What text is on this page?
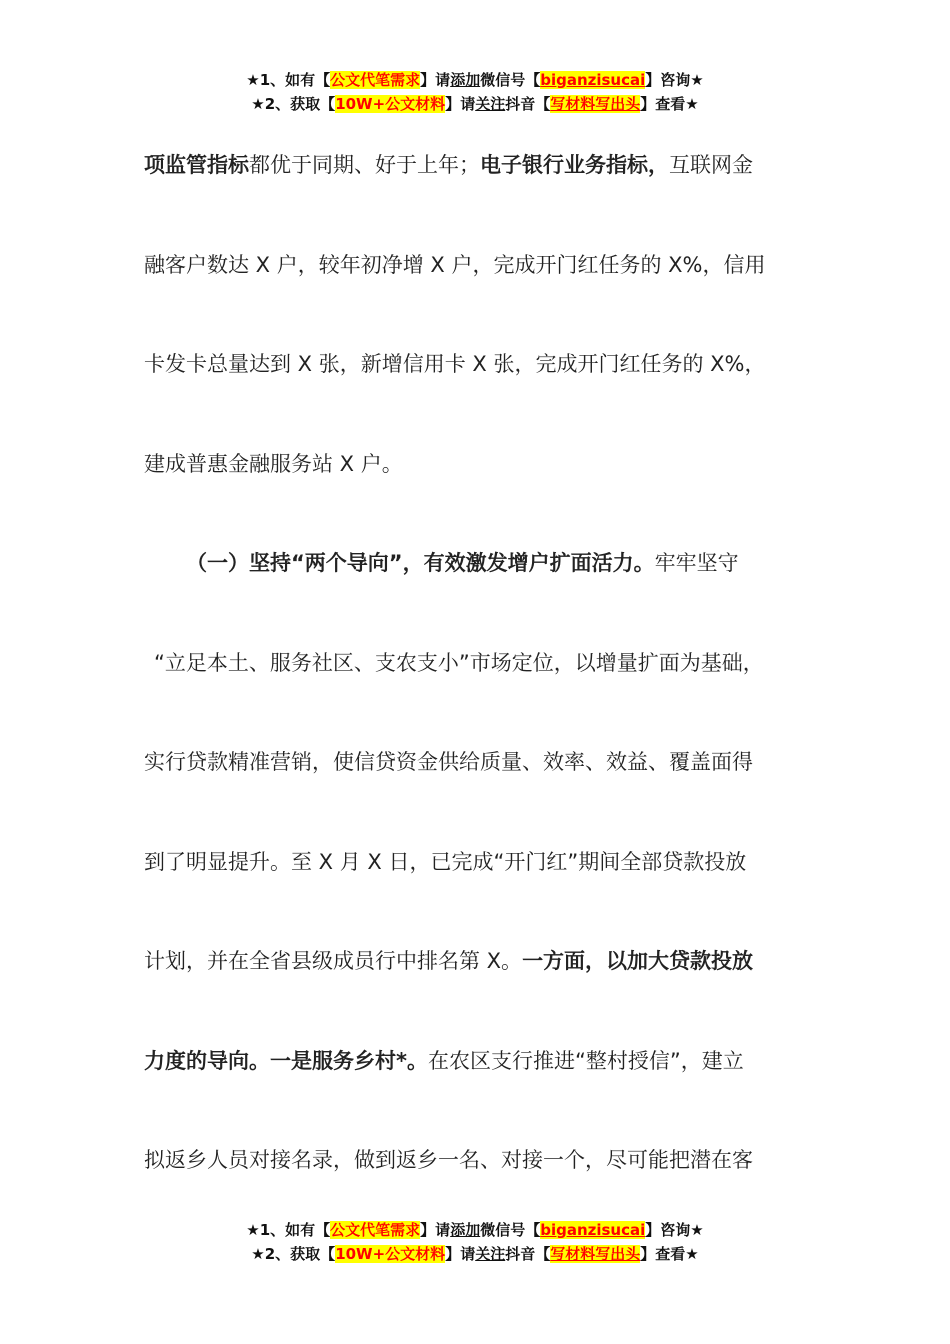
★1、如有【公文代笔需求】请添加微信号【biganzisucai】咨询★
★2、获取【10W+公文材料】请关注抖音【写材料写出头】查看★
项监管指标都优于同期、好于上年；电子银行业务指标，互联网金
融客户数达 X 户，较年初净增 X 户，完成开门红任务的 X%，信用
卡发卡总量达到 X 张，新增信用卡 X 张，完成开门红任务的 X%，
建成普惠金融服务站 X 户。
（一）坚持“两个导向”，有效激发增户扩面活力。牢牢坚守
“立足本土、服务社区、支农支小”市场定位，以增量扩面为基础，
实行贷款精准营销，使信贷资金供给质量、效率、效益、覆盖面得
到了明显提升。至 X 月 X 日，已完成“开门红”期间全部贷款投放
计划，并在全省县级成员行中排名第 X。一方面，以加大贷款投放
力度的导向。一是服务乡村*。在农区支行推进“整村授信”，建立
拟返乡人员对接名录，做到返乡一名、对接一个，尽可能把潜在客
★1、如有【公文代笔需求】请添加微信号【biganzisucai】咨询★
★2、获取【10W+公文材料】请关注抖音【写材料写出头】查看★
